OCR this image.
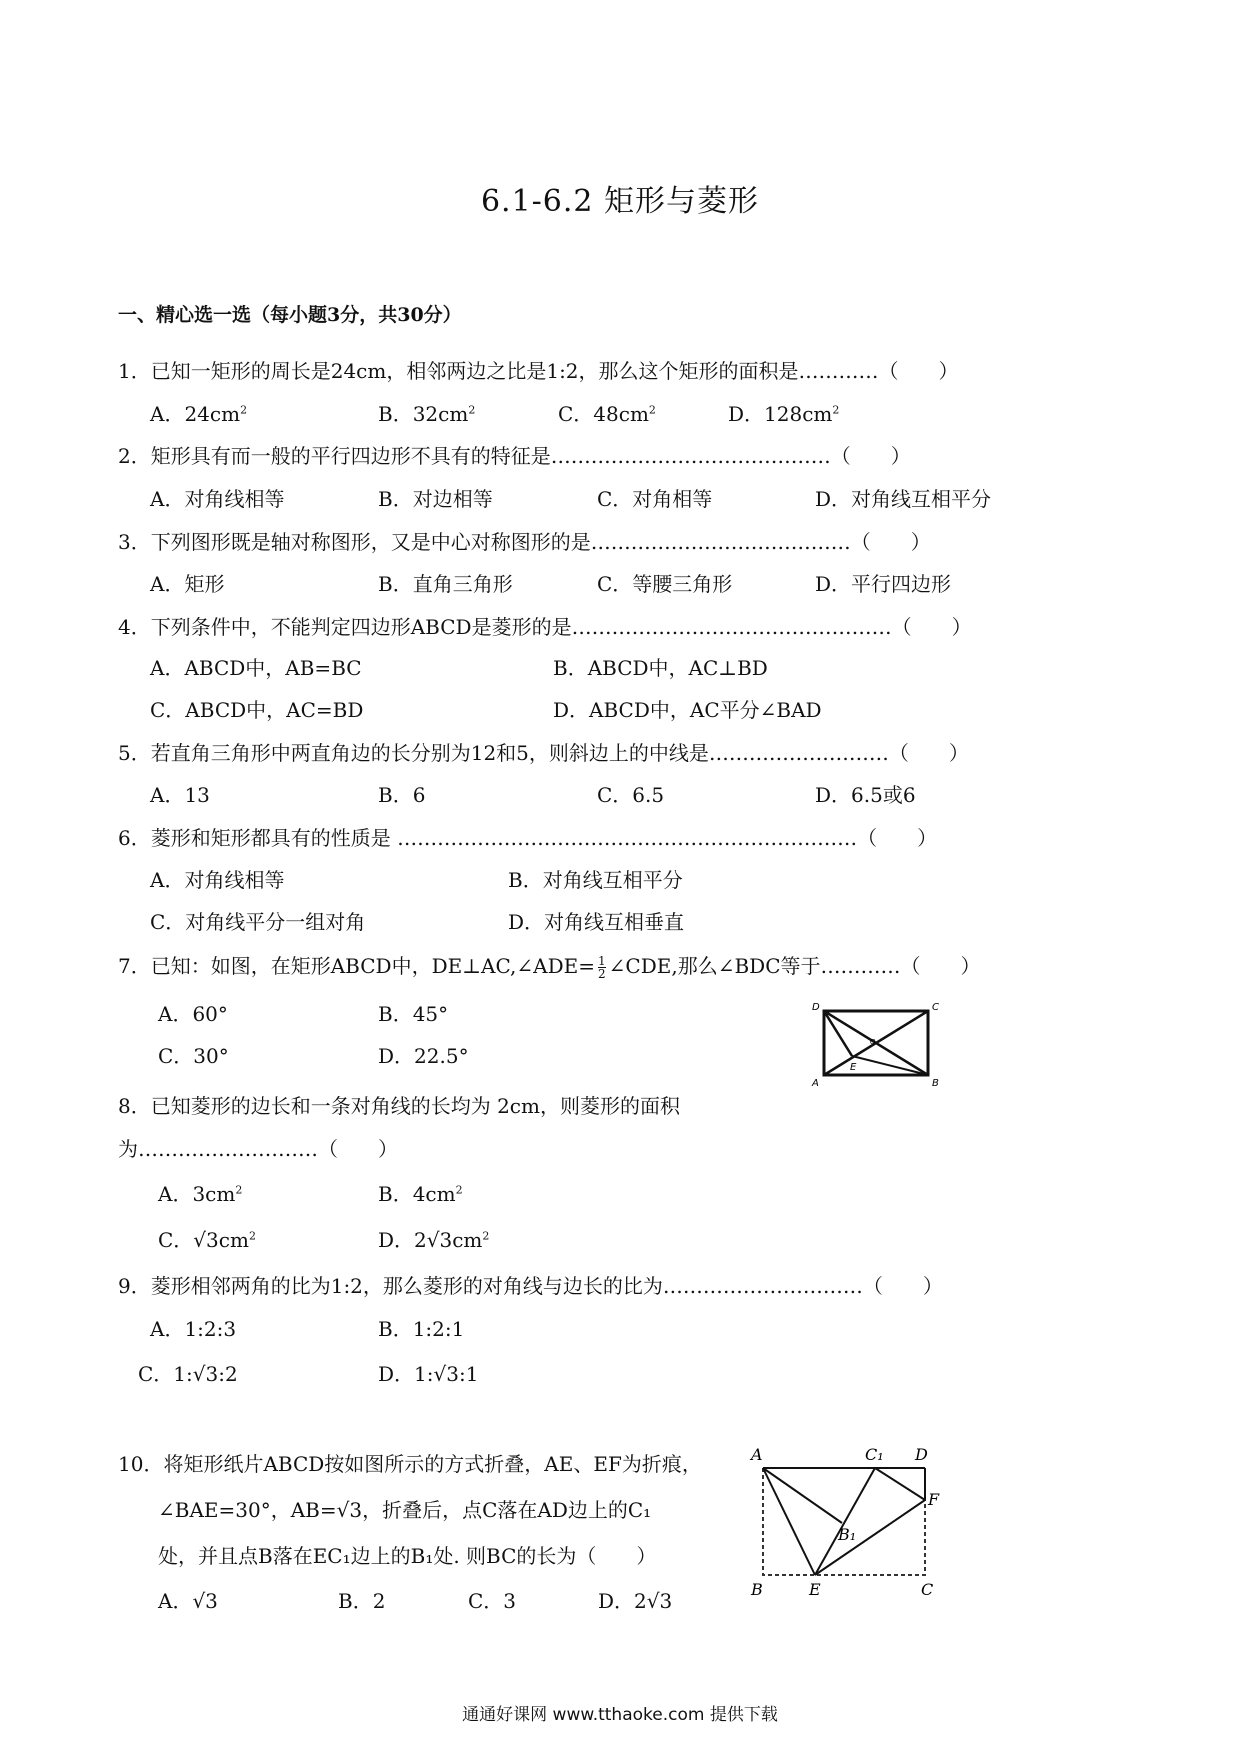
6.1-6.2 矩形与菱形
一、精心选一选（每小题3分，共30分）
1．已知一矩形的周长是24cm，相邻两边之比是1:2，那么这个矩形的面积是…………（　　）
A．$24cm^2$	B．$32cm^2$	C．$48cm^2$	D．$128cm^2$
2．矩形具有而一般的平行四边形不具有的特征是……………………………………（　　）
A．对角线相等	B．对边相等	C．对角相等	D．对角线互相平分
3．下列图形既是轴对称图形，又是中心对称图形的是…………………………………（　　）
A．矩形	B．直角三角形	C．等腰三角形	D．平行四边形
4．下列条件中，不能判定四边形ABCD是菱形的是…………………………………………（　　）
A．ABCD中，AB=BC	B．ABCD中，AC⊥BD
C．ABCD中，AC=BD	D．ABCD中，AC平分∠BAD
5．若直角三角形中两直角边的长分别为12和5，则斜边上的中线是………………………（　　）
A．13	B．6	C．6.5	D．6.5或6
6．菱形和矩形都具有的性质是 ……………………………………………………………（　　）
A．对角线相等	B．对角线互相平分
C．对角线平分一组对角	D．对角线互相垂直
7．已知：如图，在矩形ABCD中，DE⊥AC,∠ADE= $\frac{1}{2}$ ∠CDE,那么∠BDC等于…………（　　）
A．60°	B．45°
C．30°	D．22.5°
D	C
A
E
B
O
8．已知菱形的边长和一条对角线的长均为 2cm，则菱形的面积
为………………………（　　）
A．$3cm^2$	B．$4cm^2$
C．$√3cm^2$	D．$2√3cm^2$
9．菱形相邻两角的比为1:2，那么菱形的对角线与边长的比为…………………………（　　）
A．1:2:3	B．1:2:1
C．1:√3:2	D．1:√3:1
10．将矩形纸片ABCD按如图所示的方式折叠，AE、EF为折痕，
∠BAE=30°，AB=√3，折叠后，点C落在AD边上的C₁
处，并且点B落在EC₁边上的B₁处. 则BC的长为（　　）
A．√3	B．2	C．3	D．2√3
A	C₁ D
B₁
F
B	E	C
通通好课网 www.tthaoke.com 提供下载
